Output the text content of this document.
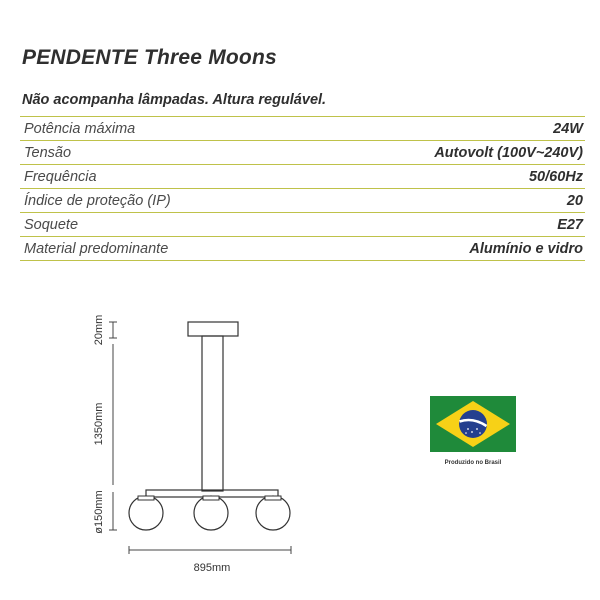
PENDENTE Three Moons

Não acompanha lâmpadas. Altura regulável.

Potência máxima	24W
Tensão	Autovolt (100V~240V)
Frequência	50/60Hz
Índice de proteção (IP)	20
Soquete	E27
Material predominante	Alumínio e vidro
20mm
1350mm
ø150mm
895mm
Produzido no Brasil
